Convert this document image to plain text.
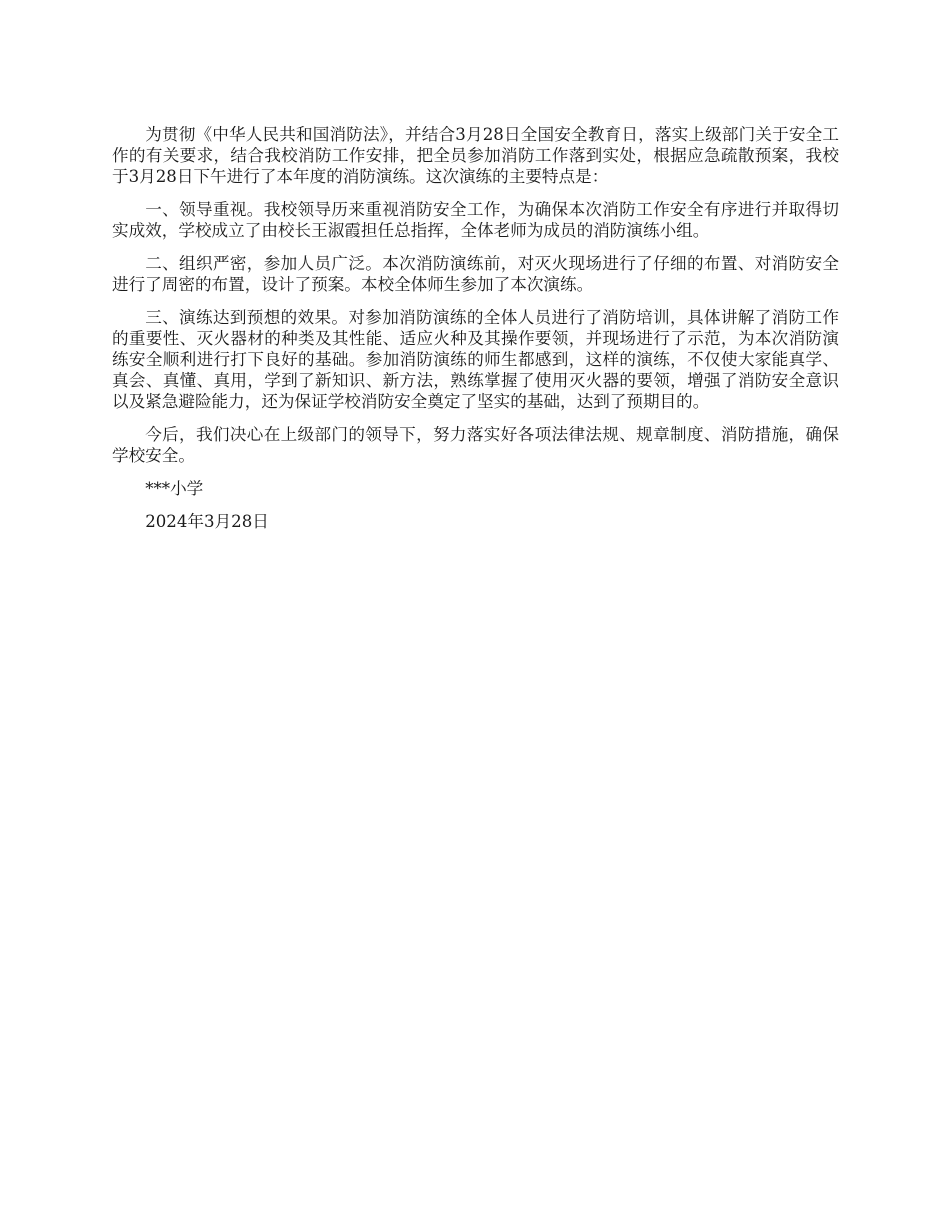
为贯彻《中华人民共和国消防法》，并结合3月28日全国安全教育日，落实上级部门关于安全工作的有关要求，结合我校消防工作安排，把全员参加消防工作落到实处，根据应急疏散预案，我校于3月28日下午进行了本年度的消防演练。这次演练的主要特点是：

一、领导重视。我校领导历来重视消防安全工作，为确保本次消防工作安全有序进行并取得切实成效，学校成立了由校长王淑霞担任总指挥，全体老师为成员的消防演练小组。

二、组织严密，参加人员广泛。本次消防演练前，对灭火现场进行了仔细的布置、对消防安全进行了周密的布置，设计了预案。本校全体师生参加了本次演练。

三、演练达到预想的效果。对参加消防演练的全体人员进行了消防培训，具体讲解了消防工作的重要性、灭火器材的种类及其性能、适应火种及其操作要领，并现场进行了示范，为本次消防演练安全顺利进行打下良好的基础。参加消防演练的师生都感到，这样的演练，不仅使大家能真学、真会、真懂、真用，学到了新知识、新方法，熟练掌握了使用灭火器的要领，增强了消防安全意识以及紧急避险能力，还为保证学校消防安全奠定了坚实的基础，达到了预期目的。

今后，我们决心在上级部门的领导下，努力落实好各项法律法规、规章制度、消防措施，确保学校安全。

***小学

2024年3月28日
